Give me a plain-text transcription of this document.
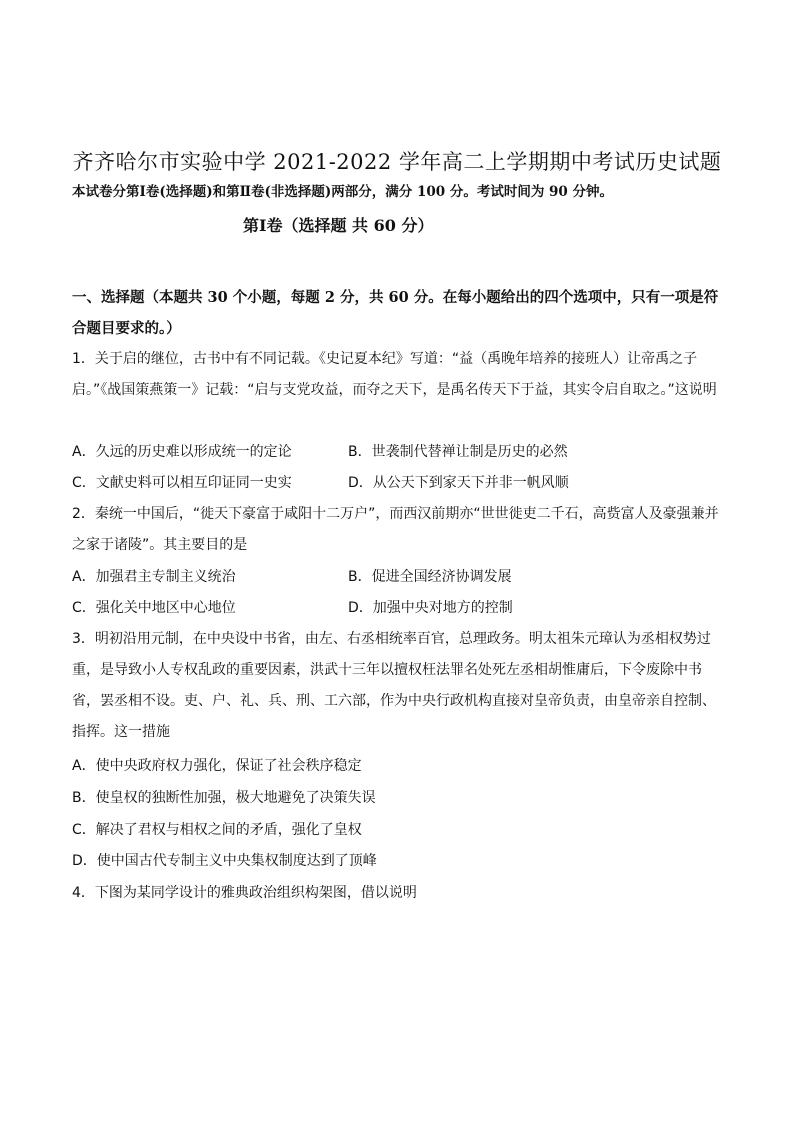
齐齐哈尔市实验中学 2021-2022 学年高二上学期期中考试历史试题
本试卷分第Ⅰ卷(选择题)和第Ⅱ卷(非选择题)两部分，满分 100 分。考试时间为 90 分钟。
第Ⅰ卷（选择题 共 60 分）
一、选择题（本题共 30 个小题，每题 2 分，共 60 分。在每小题给出的四个选项中，只有一项是符合题目要求的。）
1．关于启的继位，古书中有不同记载。《史记夏本纪》写道：“益（禹晚年培养的接班人）让帝禹之子启。”《战国策燕策一》记载：“启与支党攻益，而夺之天下，是禹名传天下于益，其实令启自取之。”这说明
A．久远的历史难以形成统一的定论	B．世袭制代替禅让制是历史的必然
C．文献史料可以相互印证同一史实	D．从公天下到家天下并非一帆风顺
2．秦统一中国后，“徙天下豪富于咸阳十二万户”，而西汉前期亦“世世徙吏二千石，高赀富人及豪强兼并之家于诸陵”。其主要目的是
A．加强君主专制主义统治	B．促进全国经济协调发展
C．强化关中地区中心地位	D．加强中央对地方的控制
3．明初沿用元制，在中央设中书省，由左、右丞相统率百官，总理政务。明太祖朱元璋认为丞相权势过重，是导致小人专权乱政的重要因素，洪武十三年以擅权枉法罪名处死左丞相胡惟庸后，下令废除中书省，罢丞相不设。吏、户、礼、兵、刑、工六部，作为中央行政机构直接对皇帝负责，由皇帝亲自控制、指挥。这一措施
A．使中央政府权力强化，保证了社会秩序稳定
B．使皇权的独断性加强，极大地避免了决策失误
C．解决了君权与相权之间的矛盾，强化了皇权
D．使中国古代专制主义中央集权制度达到了顶峰
4．下图为某同学设计的雅典政治组织构架图，借以说明
